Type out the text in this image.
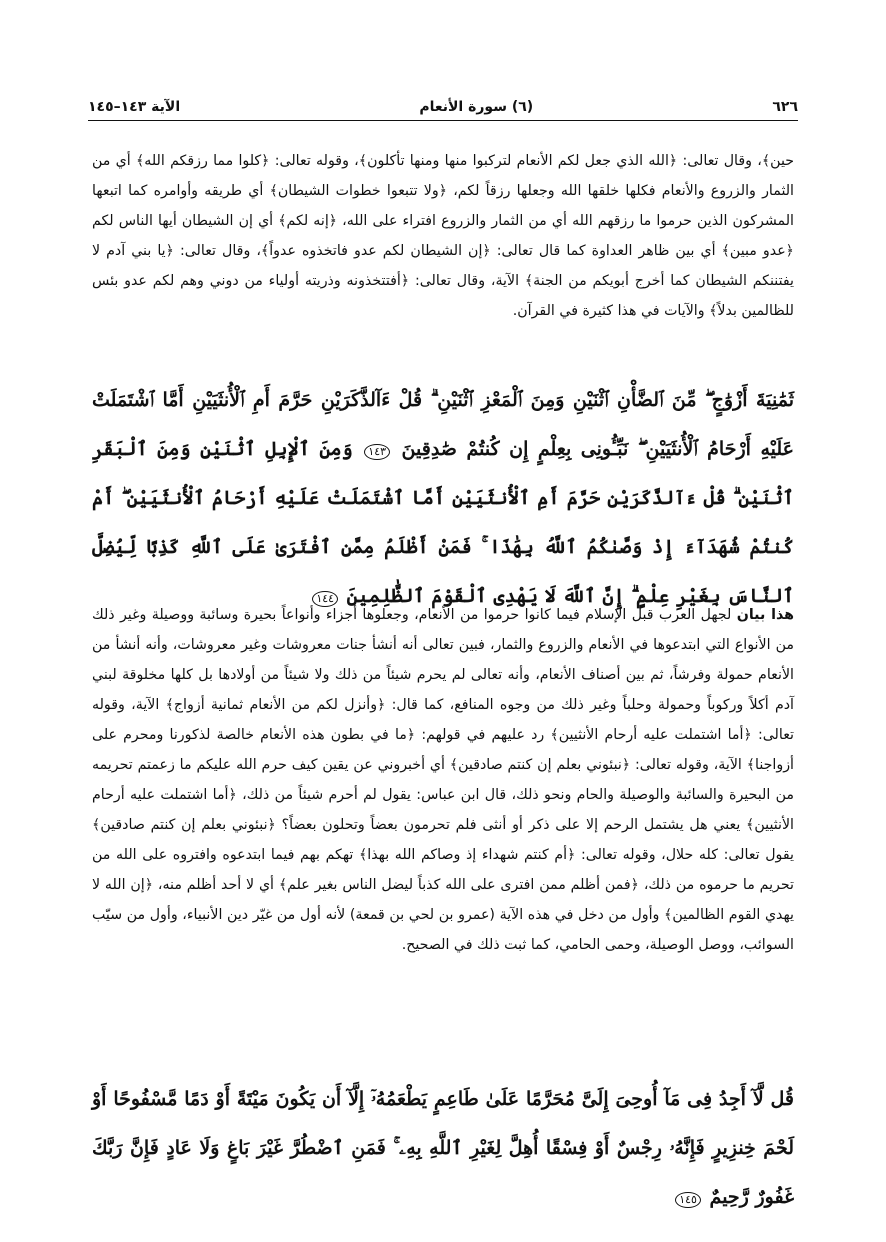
٦٢٦
(٦) سورة الأنعام
الآية ١٤٣–١٤٥

حين﴾، وقال تعالى: ﴿الله الذي جعل لكم الأنعام لتركبوا منها ومنها تأكلون﴾، وقوله تعالى: ﴿كلوا مما رزقكم الله﴾ أي من الثمار والزروع والأنعام فكلها خلقها الله وجعلها رزقاً لكم، ﴿ولا تتبعوا خطوات الشيطان﴾ أي طريقه وأوامره كما اتبعها المشركون الذين حرموا ما رزقهم الله أي من الثمار والزروع افتراء على الله، ﴿إنه لكم﴾ أي إن الشيطان أيها الناس لكم ﴿عدو مبين﴾ أي بين ظاهر العداوة كما قال تعالى: ﴿إن الشيطان لكم عدو فاتخذوه عدواً﴾، وقال تعالى: ﴿يا بني آدم لا يفتننكم الشيطان كما أخرج أبويكم من الجنة﴾ الآية، وقال تعالى: ﴿أفتتخذونه وذريته أولياء من دوني وهم لكم عدو بئس للظالمين بدلاً﴾ والآيات في هذا كثيرة في القرآن.

ثَمَٰنِيَةَ أَزْوَٰجٍ ۖ مِّنَ ٱلضَّأْنِ ٱثْنَيْنِ وَمِنَ ٱلْمَعْزِ ٱثْنَيْنِ ۗ قُلْ ءَآلذَّكَرَيْنِ حَرَّمَ أَمِ ٱلْأُنثَيَيْنِ أَمَّا ٱشْتَمَلَتْ عَلَيْهِ أَرْحَامُ ٱلْأُنثَيَيْنِ ۖ نَبِّـُٔونِى بِعِلْمٍ إِن كُنتُمْ صَٰدِقِينَ ١٤٣ وَمِنَ ٱلْإِبِلِ ٱثْنَيْنِ وَمِنَ ٱلْبَقَرِ ٱثْنَيْنِ ۗ قُلْ ءَآلذَّكَرَيْنِ حَرَّمَ أَمِ ٱلْأُنثَيَيْنِ أَمَّا ٱشْتَمَلَتْ عَلَيْهِ أَرْحَامُ ٱلْأُنثَيَيْنِ ۖ أَمْ كُنتُمْ شُهَدَآءَ إِذْ وَصَّىٰكُمُ ٱللَّهُ بِهَٰذَا ۚ فَمَنْ أَظْلَمُ مِمَّنِ ٱفْتَرَىٰ عَلَى ٱللَّهِ كَذِبًا لِّيُضِلَّ ٱلنَّاسَ بِغَيْرِ عِلْمٍ ۗ إِنَّ ٱللَّهَ لَا يَهْدِى ٱلْقَوْمَ ٱلظَّٰلِمِينَ ١٤٤

هذا بيان لجهل العرب قبل الإسلام فيما كانوا حرموا من الأنعام، وجعلوها أجزاء وأنواعاً بحيرة وسائبة ووصيلة وغير ذلك من الأنواع التي ابتدعوها في الأنعام والزروع والثمار، فبين تعالى أنه أنشأ جنات معروشات وغير معروشات، وأنه أنشأ من الأنعام حمولة وفرشاً، ثم بين أصناف الأنعام، وأنه تعالى لم يحرم شيئاً من ذلك ولا شيئاً من أولادها بل كلها مخلوقة لبني آدم أكلاً وركوباً وحمولة وحلباً وغير ذلك من وجوه المنافع، كما قال: ﴿وأنزل لكم من الأنعام ثمانية أزواج﴾ الآية، وقوله تعالى: ﴿أما اشتملت عليه أرحام الأنثيين﴾ رد عليهم في قولهم: ﴿ما في بطون هذه الأنعام خالصة لذكورنا ومحرم على أزواجنا﴾ الآية، وقوله تعالى: ﴿نبئوني بعلم إن كنتم صادقين﴾ أي أخبروني عن يقين كيف حرم الله عليكم ما زعمتم تحريمه من البحيرة والسائبة والوصيلة والحام ونحو ذلك، قال ابن عباس: يقول لم أحرم شيئاً من ذلك، ﴿أما اشتملت عليه أرحام الأنثيين﴾ يعني هل يشتمل الرحم إلا على ذكر أو أنثى فلم تحرمون بعضاً وتحلون بعضاً؟ ﴿نبئوني بعلم إن كنتم صادقين﴾ يقول تعالى: كله حلال، وقوله تعالى: ﴿أم كنتم شهداء إذ وصاكم الله بهذا﴾ تهكم بهم فيما ابتدعوه وافتروه على الله من تحريم ما حرموه من ذلك، ﴿فمن أظلم ممن افترى على الله كذباً ليضل الناس بغير علم﴾ أي لا أحد أظلم منه، ﴿إن الله لا يهدي القوم الظالمين﴾ وأول من دخل في هذه الآية (عمرو بن لحي بن قمعة) لأنه أول من غيّر دين الأنبياء، وأول من سيّب السوائب، ووصل الوصيلة، وحمى الحامي، كما ثبت ذلك في الصحيح.

قُل لَّآ أَجِدُ فِى مَآ أُوحِىَ إِلَىَّ مُحَرَّمًا عَلَىٰ طَاعِمٍ يَطْعَمُهُۥٓ إِلَّآ أَن يَكُونَ مَيْتَةً أَوْ دَمًا مَّسْفُوحًا أَوْ لَحْمَ خِنزِيرٍ فَإِنَّهُۥ رِجْسٌ أَوْ فِسْقًا أُهِلَّ لِغَيْرِ ٱللَّهِ بِهِۦ ۚ فَمَنِ ٱضْطُرَّ غَيْرَ بَاغٍ وَلَا عَادٍ فَإِنَّ رَبَّكَ غَفُورٌ رَّحِيمٌ ١٤٥
